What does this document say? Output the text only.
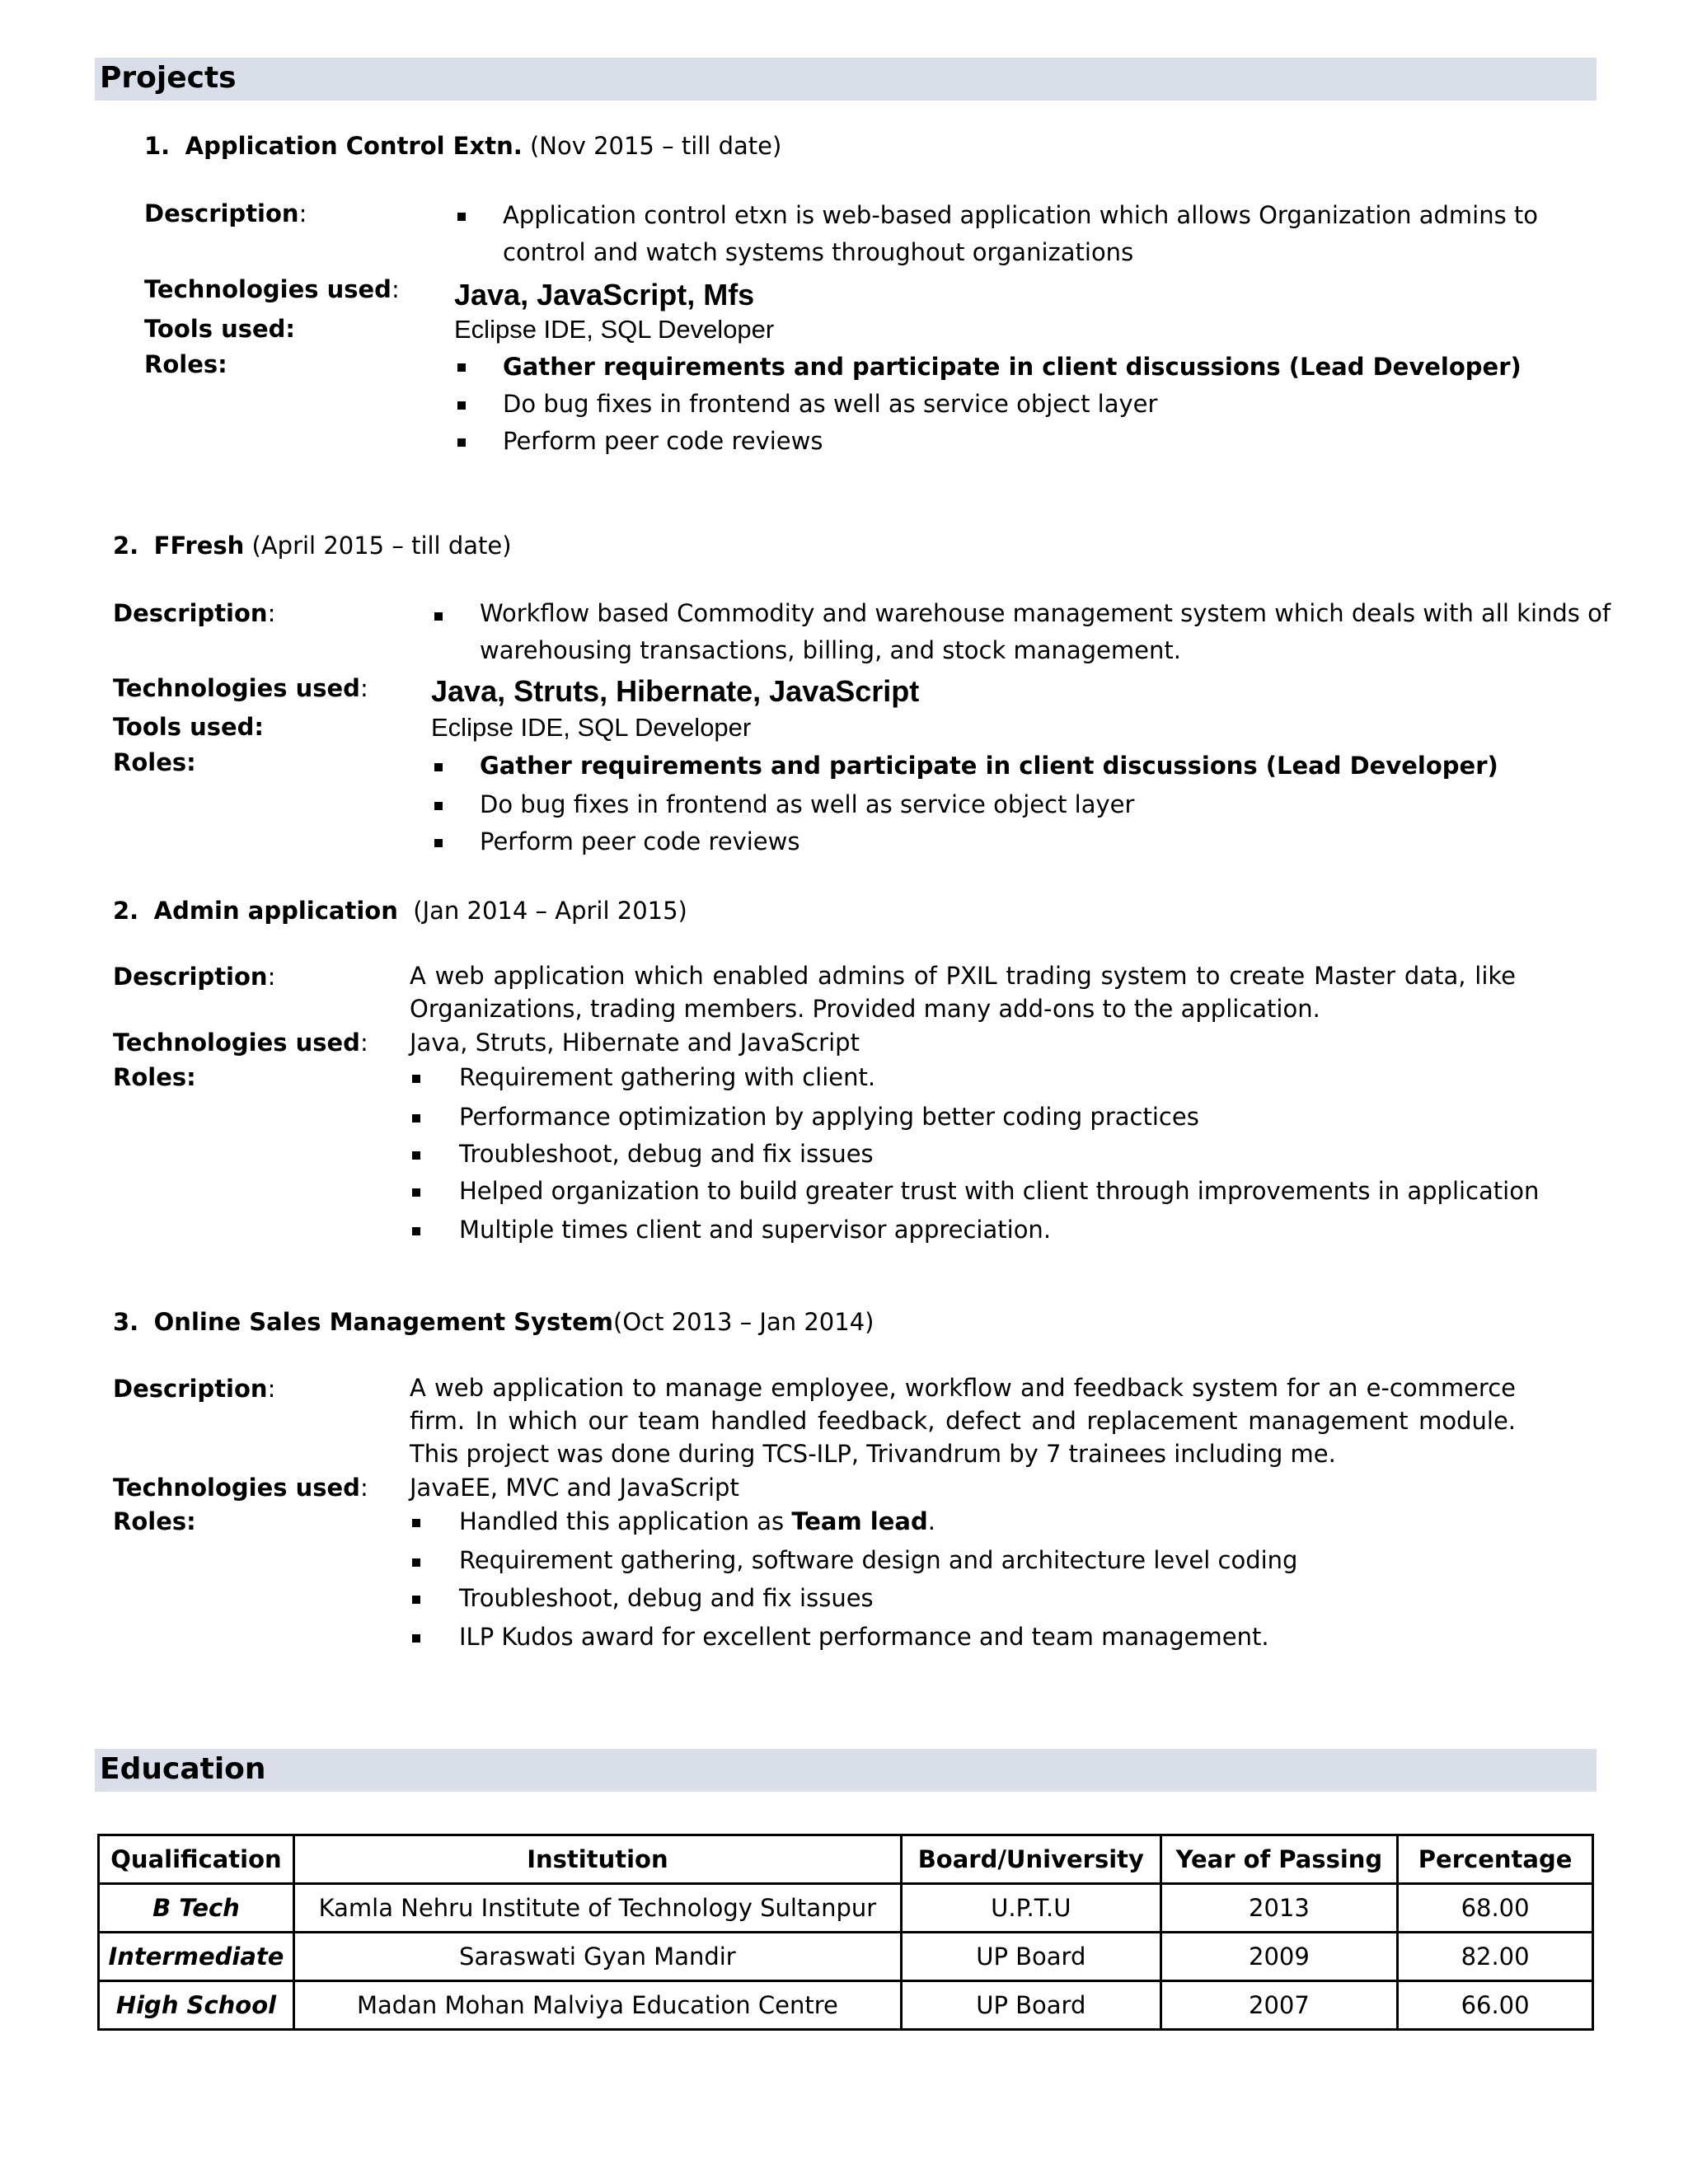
Projects
1. Application Control Extn. (Nov 2015 – till date)
Description:	Application control etxn is web-based application which allows Organization admins to
control and watch systems throughout organizations
Technologies used: Java, JavaScript, Mfs
Tools used:	Eclipse IDE, SQL Developer
Roles:	Gather requirements and participate in client discussions (Lead Developer)
Do bug fixes in frontend as well as service object layer
Perform peer code reviews
2. FFresh (April 2015 – till date)
Description:	Workflow based Commodity and warehouse management system which deals with all kinds of
warehousing transactions, billing, and stock management.
Technologies used: Java, Struts, Hibernate, JavaScript
Tools used:	Eclipse IDE, SQL Developer
Roles:	Gather requirements and participate in client discussions (Lead Developer)
Do bug fixes in frontend as well as service object layer
Perform peer code reviews
2. Admin application (Jan 2014 – April 2015)
Description:	A web application which enabled admins of PXIL trading system to create Master data, like Organizations, trading members. Provided many add-ons to the application.
Technologies used: Java, Struts, Hibernate and JavaScript
Roles:	Requirement gathering with client.
Performance optimization by applying better coding practices
Troubleshoot, debug and fix issues
Helped organization to build greater trust with client through improvements in application
Multiple times client and supervisor appreciation.
3. Online Sales Management System(Oct 2013 – Jan 2014)
Description:	A web application to manage employee, workflow and feedback system for an e-commerce firm. In which our team handled feedback, defect and replacement management module. This project was done during TCS-ILP, Trivandrum by 7 trainees including me.
Technologies used: JavaEE, MVC and JavaScript
Roles:	Handled this application as Team lead.
Requirement gathering, software design and architecture level coding
Troubleshoot, debug and fix issues
ILP Kudos award for excellent performance and team management.
Education
Qualification	Institution	Board/University	Year of Passing	Percentage
B Tech	Kamla Nehru Institute of Technology Sultanpur	U.P.T.U	2013	68.00
Intermediate	Saraswati Gyan Mandir	UP Board	2009	82.00
High School	Madan Mohan Malviya Education Centre	UP Board	2007	66.00
